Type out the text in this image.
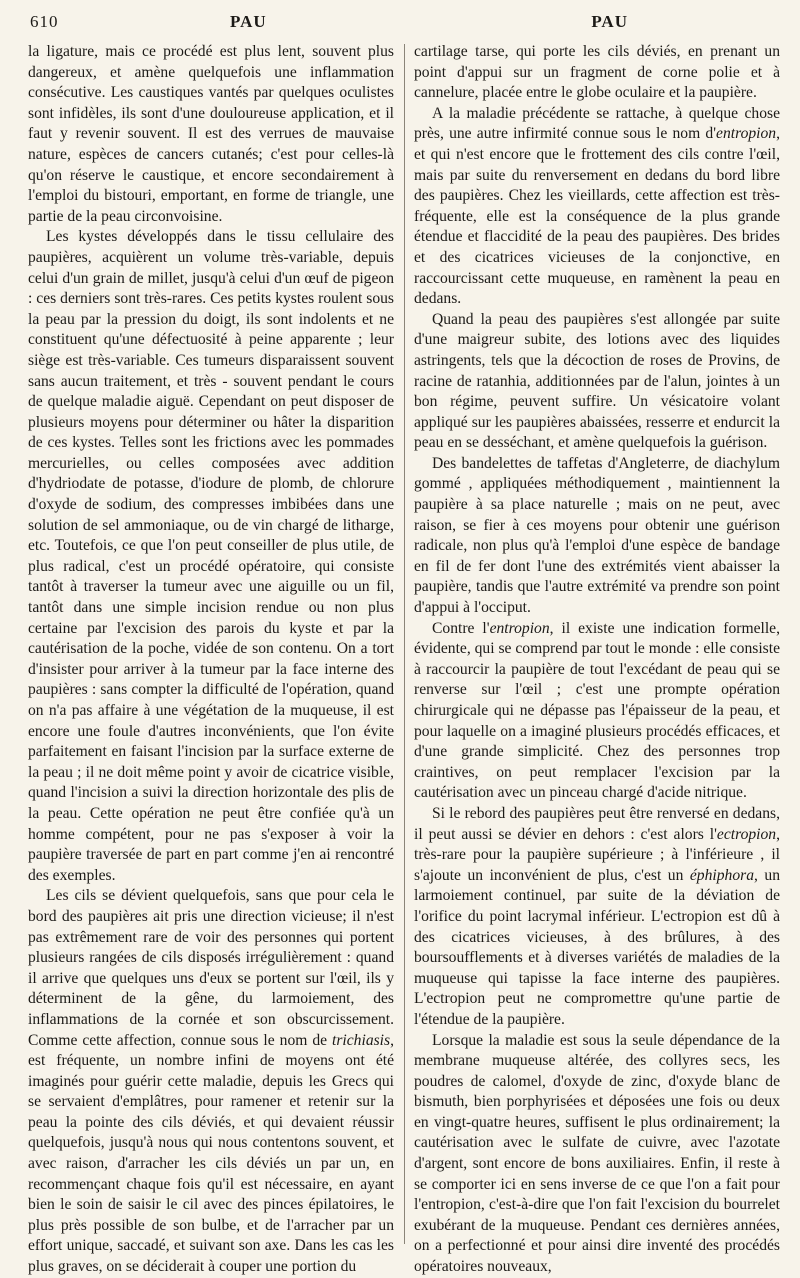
610	PAU	PAU

la ligature, mais ce procédé est plus lent, souvent plus dangereux, et amène quelquefois une inflammation consécutive. Les caustiques vantés par quelques oculistes sont infidèles, ils sont d'une douloureuse application, et il faut y revenir souvent. Il est des verrues de mauvaise nature, espèces de cancers cutanés; c'est pour celles-là qu'on réserve le caustique, et encore secondairement à l'emploi du bistouri, emportant, en forme de triangle, une partie de la peau circonvoisine.

Les kystes développés dans le tissu cellulaire des paupières, acquièrent un volume très-variable, depuis celui d'un grain de millet, jusqu'à celui d'un œuf de pigeon : ces derniers sont très-rares. Ces petits kystes roulent sous la peau par la pression du doigt, ils sont indolents et ne constituent qu'une défectuosité à peine apparente ; leur siège est très-variable. Ces tumeurs disparaissent souvent sans aucun traitement, et très - souvent pendant le cours de quelque maladie aiguë. Cependant on peut disposer de plusieurs moyens pour déterminer ou hâter la disparition de ces kystes. Telles sont les frictions avec les pommades mercurielles, ou celles composées avec addition d'hydriodate de potasse, d'iodure de plomb, de chlorure d'oxyde de sodium, des compresses imbibées dans une solution de sel ammoniaque, ou de vin chargé de litharge, etc. Toutefois, ce que l'on peut conseiller de plus utile, de plus radical, c'est un procédé opératoire, qui consiste tantôt à traverser la tumeur avec une aiguille ou un fil, tantôt dans une simple incision rendue ou non plus certaine par l'excision des parois du kyste et par la cautérisation de la poche, vidée de son contenu. On a tort d'insister pour arriver à la tumeur par la face interne des paupières : sans compter la difficulté de l'opération, quand on n'a pas affaire à une végétation de la muqueuse, il est encore une foule d'autres inconvénients, que l'on évite parfaitement en faisant l'incision par la surface externe de la peau ; il ne doit même point y avoir de cicatrice visible, quand l'incision a suivi la direction horizontale des plis de la peau. Cette opération ne peut être confiée qu'à un homme compétent, pour ne pas s'exposer à voir la paupière traversée de part en part comme j'en ai rencontré des exemples.

Les cils se dévient quelquefois, sans que pour cela le bord des paupières ait pris une direction vicieuse; il n'est pas extrêmement rare de voir des personnes qui portent plusieurs rangées de cils disposés irrégulièrement : quand il arrive que quelques uns d'eux se portent sur l'œil, ils y déterminent de la gêne, du larmoiement, des inflammations de la cornée et son obscurcissement. Comme cette affection, connue sous le nom de trichiasis, est fréquente, un nombre infini de moyens ont été imaginés pour guérir cette maladie, depuis les Grecs qui se servaient d'emplâtres, pour ramener et retenir sur la peau la pointe des cils déviés, et qui devaient réussir quelquefois, jusqu'à nous qui nous contentons souvent, et avec raison, d'arracher les cils déviés un par un, en recommençant chaque fois qu'il est nécessaire, en ayant bien le soin de saisir le cil avec des pinces épilatoires, le plus près possible de son bulbe, et de l'arracher par un effort unique, saccadé, et suivant son axe. Dans les cas les plus graves, on se déciderait à couper une portion du

cartilage tarse, qui porte les cils déviés, en prenant un point d'appui sur un fragment de corne polie et à cannelure, placée entre le globe oculaire et la paupière.

A la maladie précédente se rattache, à quelque chose près, une autre infirmité connue sous le nom d'entropion, et qui n'est encore que le frottement des cils contre l'œil, mais par suite du renversement en dedans du bord libre des paupières. Chez les vieillards, cette affection est très-fréquente, elle est la conséquence de la plus grande étendue et flaccidité de la peau des paupières. Des brides et des cicatrices vicieuses de la conjonctive, en raccourcissant cette muqueuse, en ramènent la peau en dedans.

Quand la peau des paupières s'est allongée par suite d'une maigreur subite, des lotions avec des liquides astringents, tels que la décoction de roses de Provins, de racine de ratanhia, additionnées par de l'alun, jointes à un bon régime, peuvent suffire. Un vésicatoire volant appliqué sur les paupières abaissées, resserre et endurcit la peau en se desséchant, et amène quelquefois la guérison.

Des bandelettes de taffetas d'Angleterre, de diachylum gommé , appliquées méthodiquement , maintiennent la paupière à sa place naturelle ; mais on ne peut, avec raison, se fier à ces moyens pour obtenir une guérison radicale, non plus qu'à l'emploi d'une espèce de bandage en fil de fer dont l'une des extrémités vient abaisser la paupière, tandis que l'autre extrémité va prendre son point d'appui à l'occiput.

Contre l'entropion, il existe une indication formelle, évidente, qui se comprend par tout le monde : elle consiste à raccourcir la paupière de tout l'excédant de peau qui se renverse sur l'œil ; c'est une prompte opération chirurgicale qui ne dépasse pas l'épaisseur de la peau, et pour laquelle on a imaginé plusieurs procédés efficaces, et d'une grande simplicité. Chez des personnes trop craintives, on peut remplacer l'excision par la cautérisation avec un pinceau chargé d'acide nitrique.

Si le rebord des paupières peut être renversé en dedans, il peut aussi se dévier en dehors : c'est alors l'ectropion, très-rare pour la paupière supérieure ; à l'inférieure , il s'ajoute un inconvénient de plus, c'est un éphiphora, un larmoiement continuel, par suite de la déviation de l'orifice du point lacrymal inférieur. L'ectropion est dû à des cicatrices vicieuses, à des brûlures, à des boursoufflements et à diverses variétés de maladies de la muqueuse qui tapisse la face interne des paupières. L'ectropion peut ne compromettre qu'une partie de l'étendue de la paupière.

Lorsque la maladie est sous la seule dépendance de la membrane muqueuse altérée, des collyres secs, les poudres de calomel, d'oxyde de zinc, d'oxyde blanc de bismuth, bien porphyrisées et déposées une fois ou deux en vingt-quatre heures, suffisent le plus ordinairement; la cautérisation avec le sulfate de cuivre, avec l'azotate d'argent, sont encore de bons auxiliaires. Enfin, il reste à se comporter ici en sens inverse de ce que l'on a fait pour l'entropion, c'est-à-dire que l'on fait l'excision du bourrelet exubérant de la muqueuse. Pendant ces dernières années, on a perfectionné et pour ainsi dire inventé des procédés opératoires nouveaux,
